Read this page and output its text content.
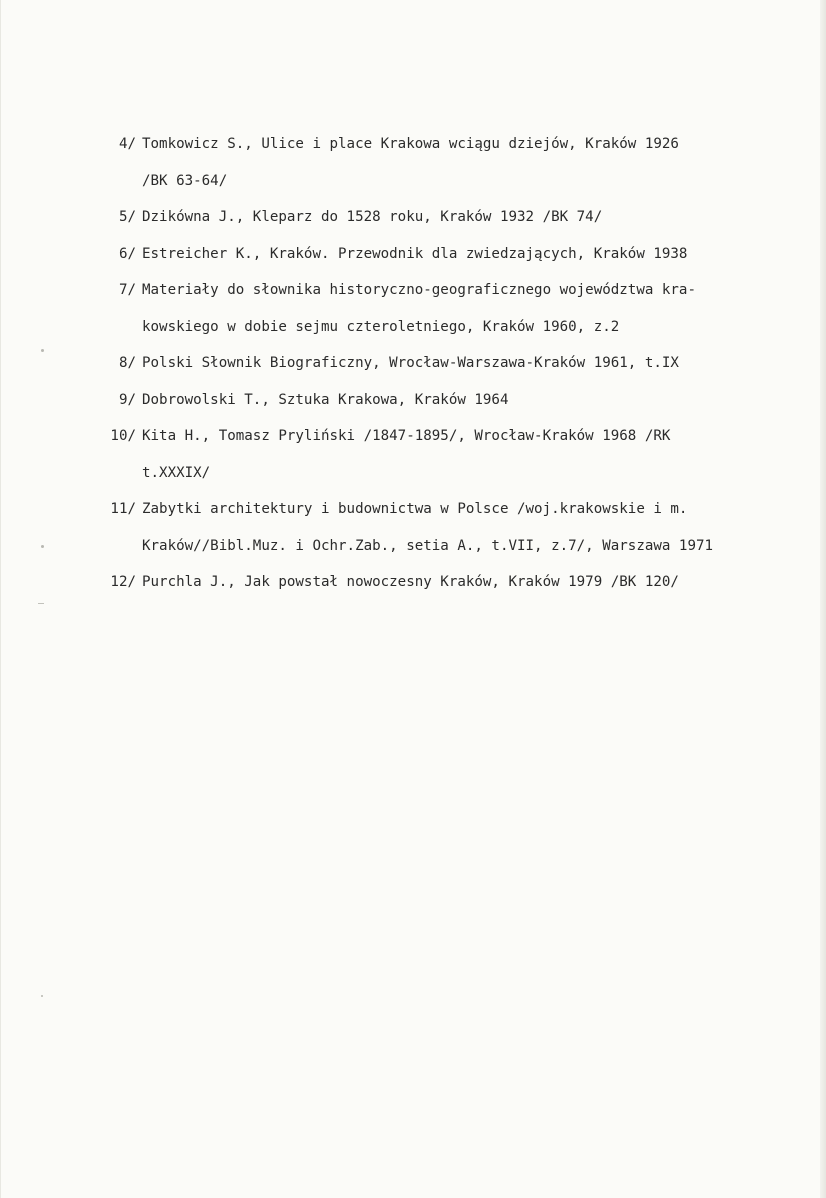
4/ Tomkowicz S., Ulice i place Krakowa wciągu dziejów, Kraków 1926
/BK 63-64/
5/ Dzikówna J., Kleparz do 1528 roku, Kraków 1932 /BK 74/
6/ Estreicher K., Kraków. Przewodnik dla zwiedzających, Kraków 1938
7/ Materiały do słownika historyczno-geograficznego województwa kra-
kowskiego w dobie sejmu czteroletniego, Kraków 1960, z.2
8/ Polski Słownik Biograficzny, Wrocław-Warszawa-Kraków 1961, t.IX
9/ Dobrowolski T., Sztuka Krakowa, Kraków 1964
10/ Kita H., Tomasz Pryliński /1847-1895/, Wrocław-Kraków 1968 /RK
t.XXXIX/
11/ Zabytki architektury i budownictwa w Polsce /woj.krakowskie i m.
Kraków//Bibl.Muz. i Ochr.Zab., setia A., t.VII, z.7/, Warszawa 1971
12/ Purchla J., Jak powstał nowoczesny Kraków, Kraków 1979 /BK 120/
